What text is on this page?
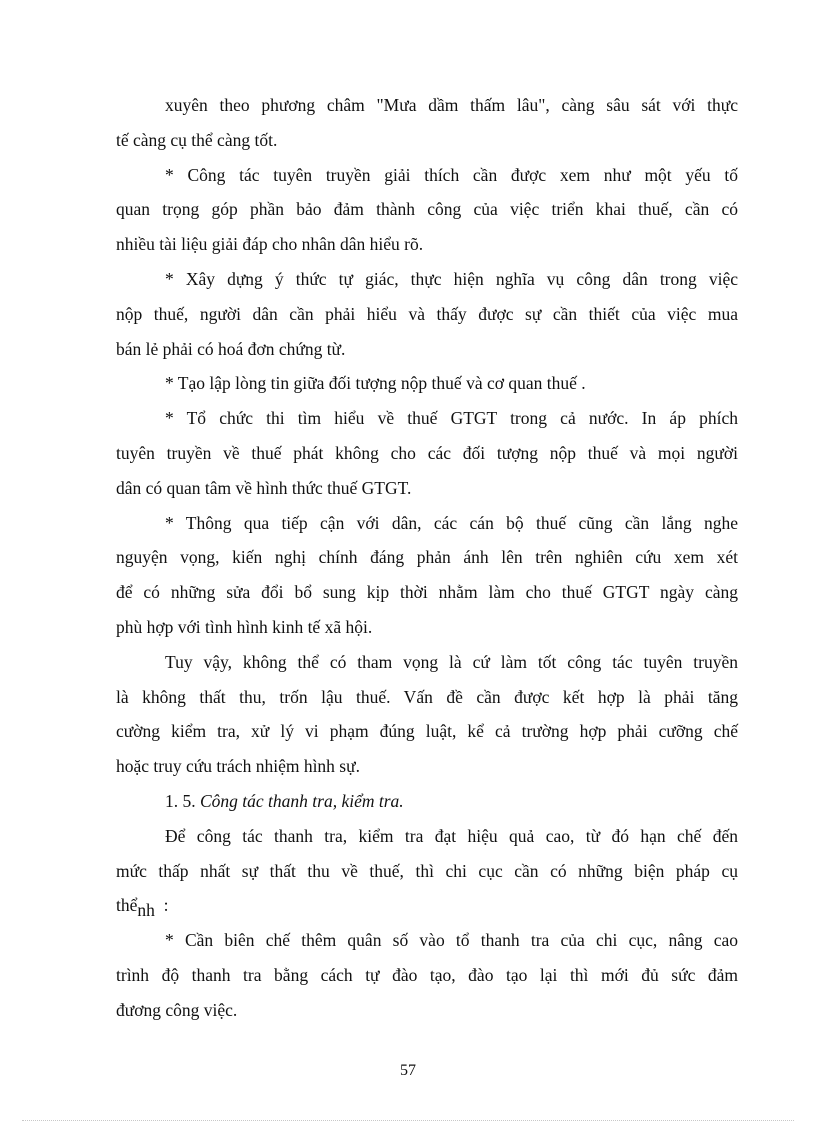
xuyên theo phương châm "Mưa dầm thấm lâu", càng sâu sát với thực
tế càng cụ thể càng tốt.
* Công tác tuyên truyền giải thích cần được xem như một yếu tố
quan trọng góp phần bảo đảm thành công của việc triển khai thuế, cần có
nhiều tài liệu giải đáp cho nhân dân hiểu rõ.
* Xây dựng ý thức tự giác, thực hiện nghĩa vụ công dân trong việc
nộp thuế, người dân cần phải hiểu và thấy được sự cần thiết của việc mua
bán lẻ phải có hoá đơn chứng từ.
* Tạo lập lòng tin giữa đối tượng nộp thuế và cơ quan thuế .
* Tổ chức thi tìm hiểu về thuế GTGT trong cả nước. In áp phích
tuyên truyền về thuế phát không cho các đối tượng nộp thuế và mọi người
dân có quan tâm về hình thức thuế GTGT.
* Thông qua tiếp cận với dân, các cán bộ thuế cũng cần lắng nghe
nguyện vọng, kiến nghị chính đáng phản ánh lên trên nghiên cứu xem xét
để có những sửa đổi bổ sung kịp thời nhằm làm cho thuế GTGT ngày càng
phù hợp với tình hình kinh tế xã hội.
Tuy vậy, không thể có tham vọng là cứ làm tốt công tác tuyên truyền
là không thất thu, trốn lậu thuế. Vấn đề cần được kết hợp là phải tăng
cường kiểm tra, xử lý vi phạm đúng luật, kể cả trường hợp phải cưỡng chế
hoặc truy cứu trách nhiệm hình sự.
1. 5. Công tác thanh tra, kiểm tra.
Để công tác thanh tra, kiểm tra đạt hiệu quả cao, từ đó hạn chế đến
mức thấp nhất sự thất thu về thuế, thì chi cục cần có những biện pháp cụ
thểnh :
* Cần biên chế thêm quân số vào tổ thanh tra của chi cục, nâng cao
trình độ thanh tra bằng cách tự đào tạo, đào tạo lại thì mới đủ sức đảm
đương công việc.
57
